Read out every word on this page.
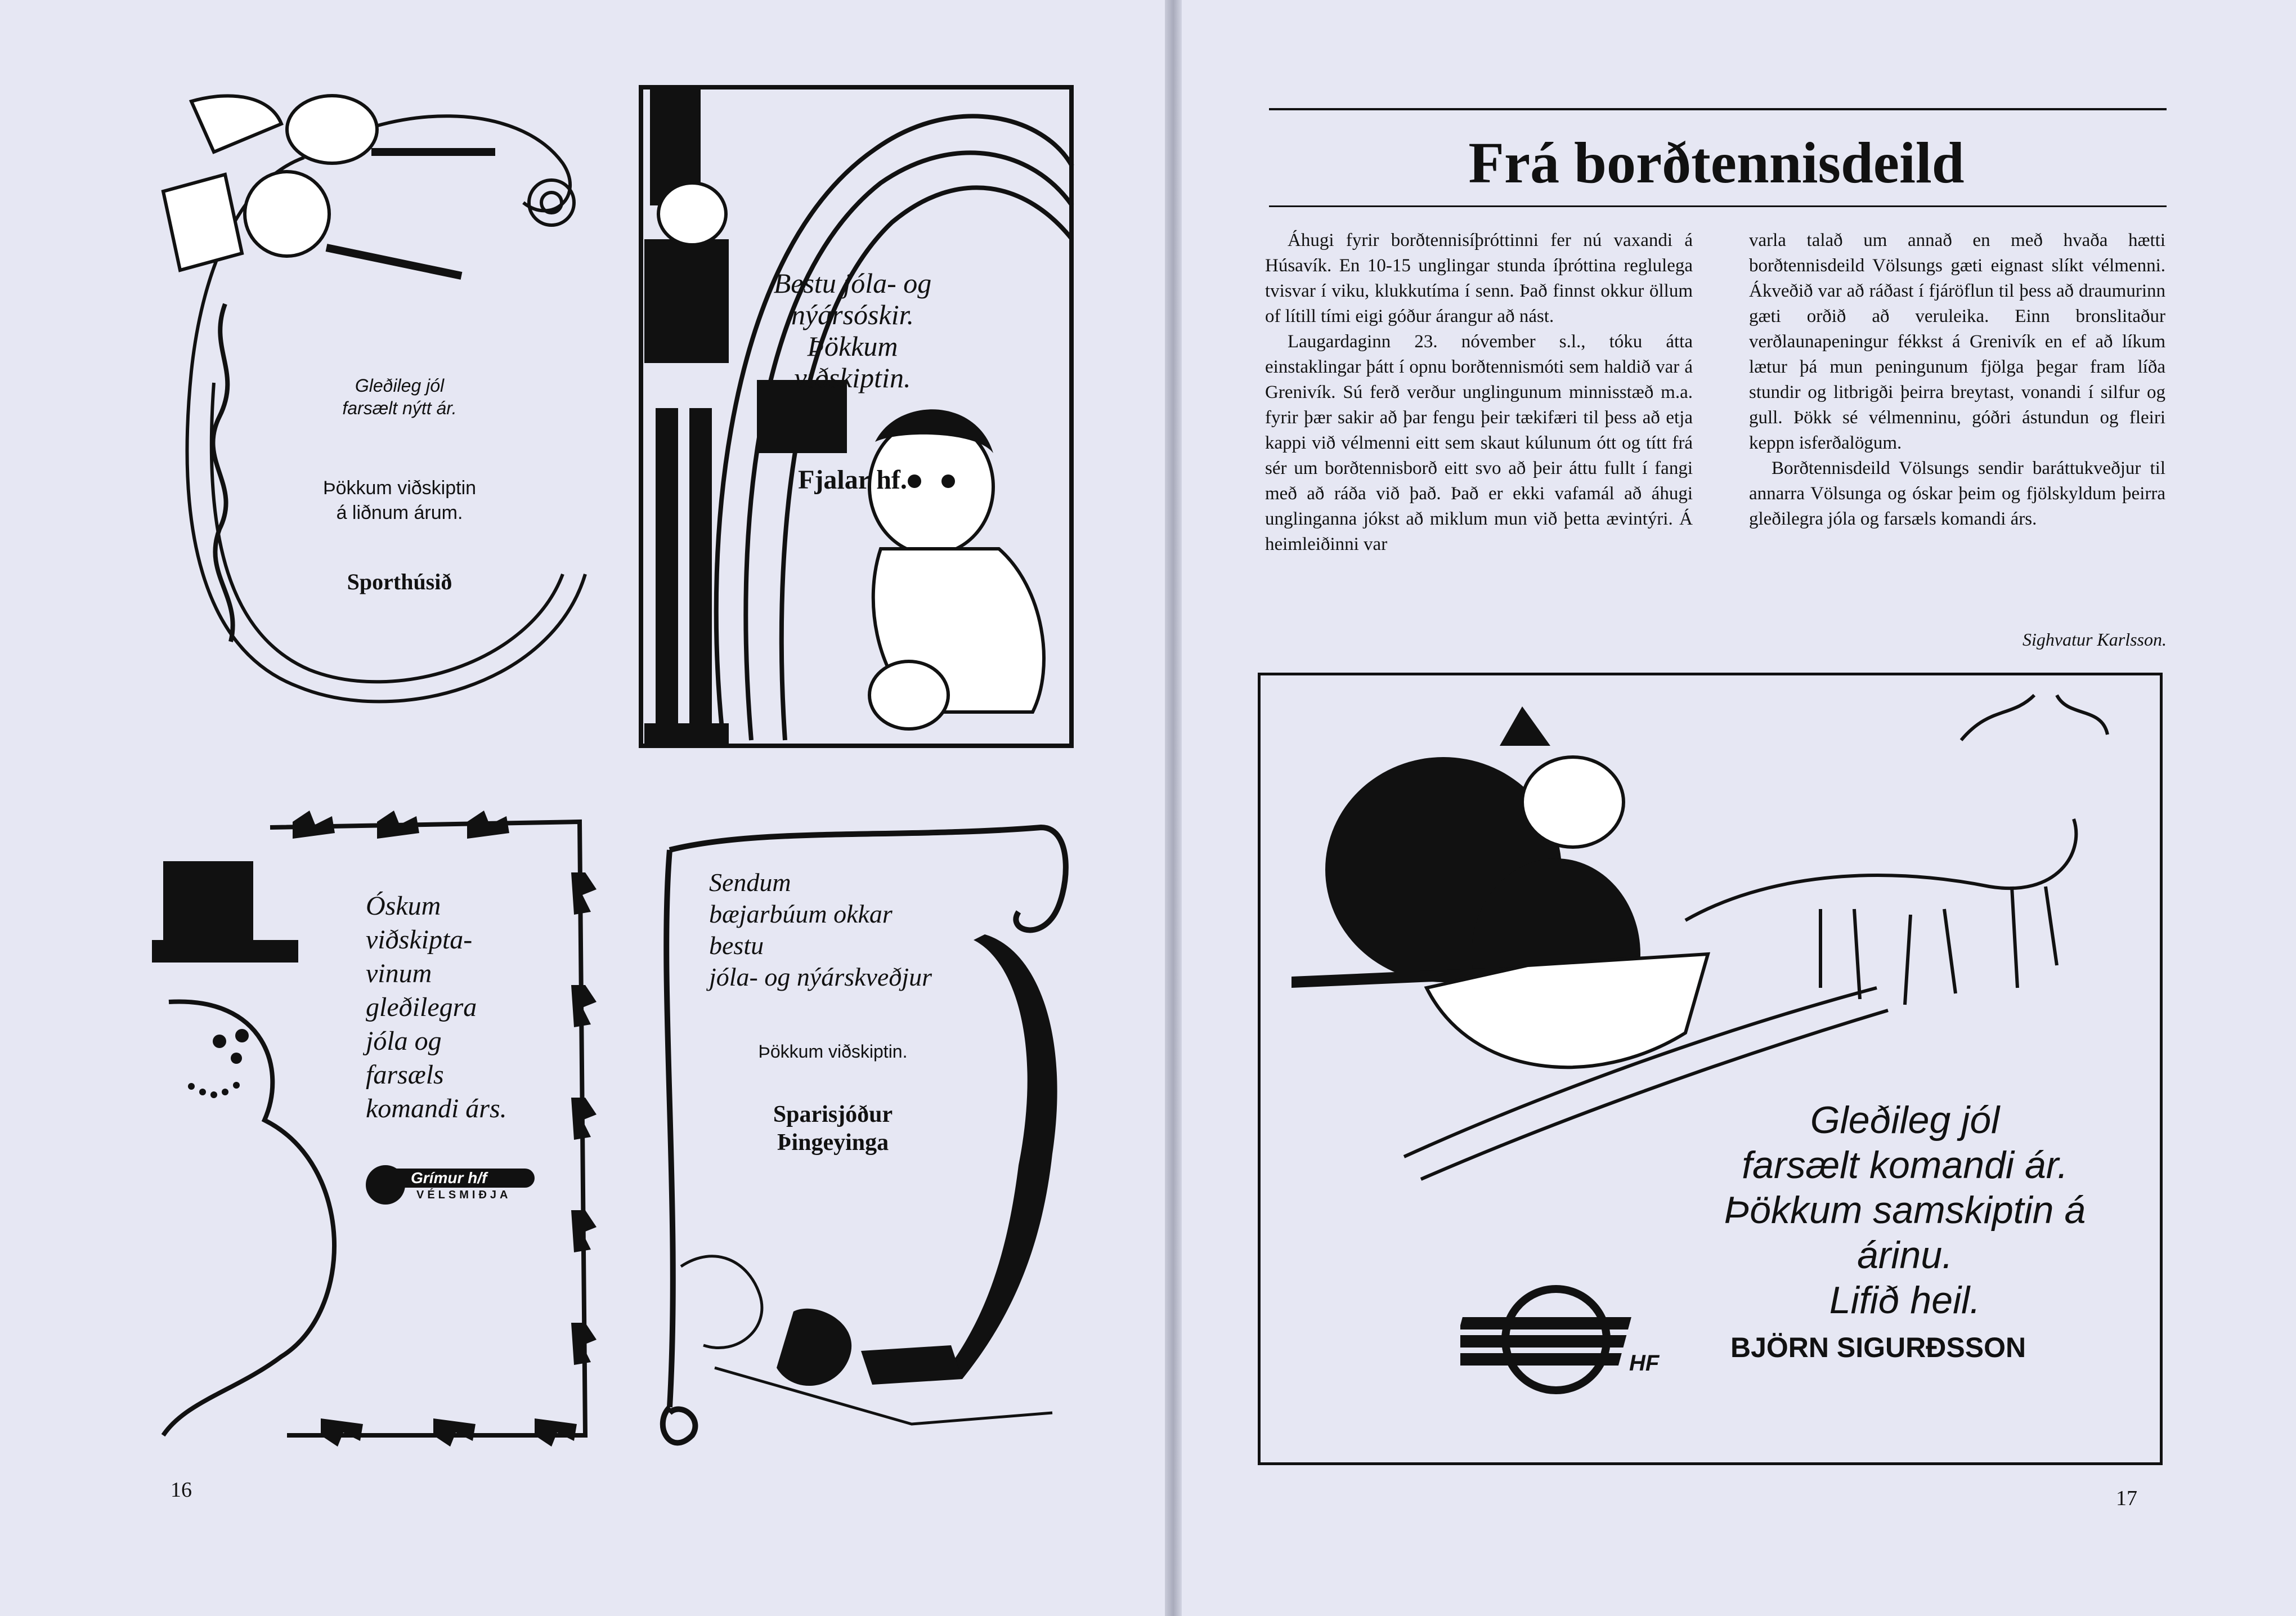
Gleðileg jól
farsælt nýtt ár.
Þökkum viðskiptin
á liðnum árum.
Sporthúsið
Bestu jóla- og
nýársóskir.
Þökkum
viðskiptin.
Fjalar hf.
Óskum
viðskipta-
vinum
gleðilegra
jóla og
farsæls
komandi árs.
Grímur h/f
VÉLSMIÐJA
Sendum
bæjarbúum okkar
bestu
jóla- og nýárskveðjur
Þökkum viðskiptin.
Sparisjóður
Þingeyinga
16
Frá borðtennisdeild

Áhugi fyrir borðtennisíþróttinni fer nú vaxandi á Húsavík. En 10-15 unglingar stunda íþróttina reglulega tvisvar í viku, klukkutíma í senn. Það finnst okkur öllum of lítill tími eigi góður árangur að nást.

Laugardaginn 23. nóvember s.l., tóku átta einstaklingar þátt í opnu borðtennismóti sem haldið var á Grenivík. Sú ferð verður unglingunum minnisstæð m.a. fyrir þær sakir að þar fengu þeir tækifæri til þess að etja kappi við vélmenni eitt sem skaut kúlunum ótt og títt frá sér um borðtennisborð eitt svo að þeir áttu fullt í fangi með að ráða við það. Það er ekki vafamál að áhugi unglinganna jókst að miklum mun við þetta ævintýri. Á heimleiðinni var

varla talað um annað en með hvaða hætti borðtennisdeild Völsungs gæti eignast slíkt vélmenni. Ákveðið var að ráðast í fjáröflun til þess að draumurinn gæti orðið að veruleika. Einn bronslitaður verðlaunapeningur fékkst á Grenivík en ef að líkum lætur þá mun peningunum fjölga þegar fram líða stundir og litbrigði þeirra breytast, vonandi í silfur og gull. Þökk sé vélmenninu, góðri ástundun og fleiri keppn isferðalögum.

Borðtennisdeild Völsungs sendir baráttukveðjur til annarra Völsunga og óskar þeim og fjölskyldum þeirra gleðilegra jóla og farsæls komandi árs.

Sighvatur Karlsson.
Gleðileg jól
farsælt komandi ár.
Þökkum samskiptin á
árinu.
Lifið heil.
HF	BJÖRN SIGURÐSSON
17
